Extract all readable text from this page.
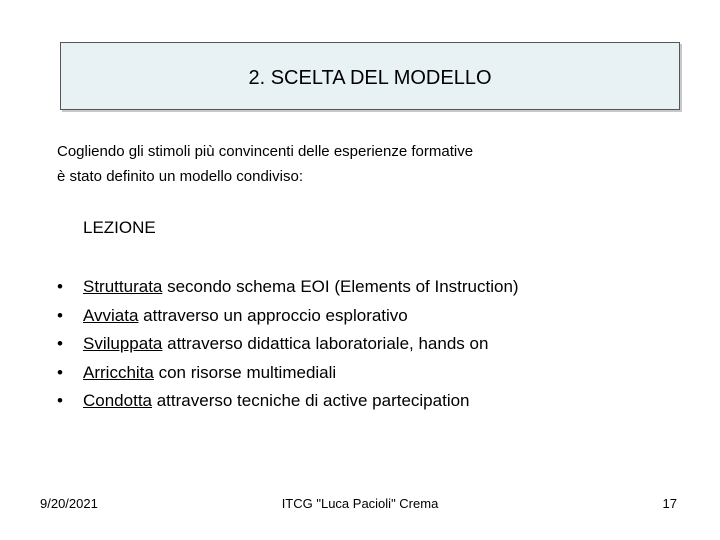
2. SCELTA DEL MODELLO
Cogliendo gli stimoli più convincenti delle esperienze formative
è stato definito un modello condiviso:
LEZIONE
• Strutturata secondo schema EOI (Elements of Instruction)
• Avviata attraverso un approccio esplorativo
• Sviluppata attraverso didattica laboratoriale, hands on
• Arricchita con risorse multimediali
• Condotta attraverso tecniche di active partecipation
9/20/2021	ITCG "Luca Pacioli" Crema	17
